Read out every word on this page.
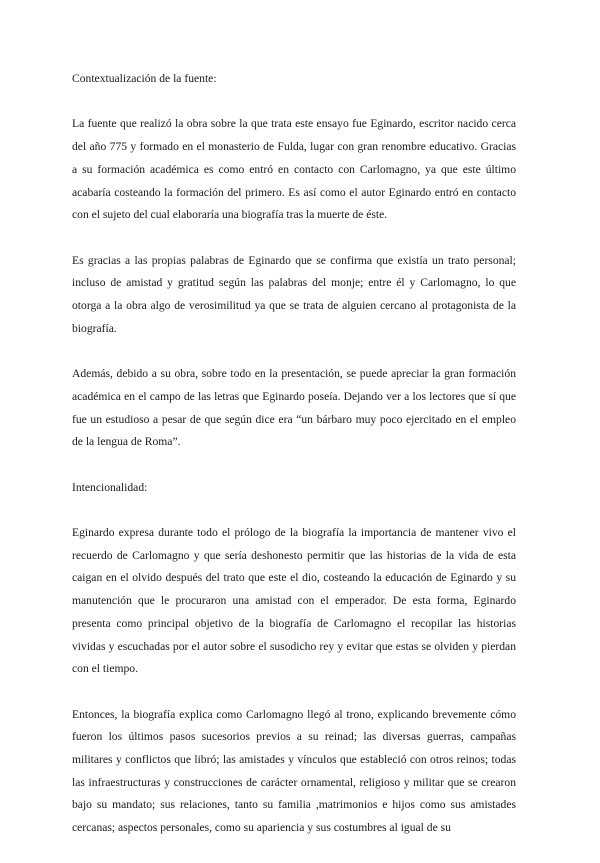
Contextualización de la fuente:

La fuente que realizó la obra sobre la que trata este ensayo fue Eginardo, escritor nacido cerca del año 775 y formado en el monasterio de Fulda, lugar con gran renombre educativo. Gracias a su formación académica es como entró en contacto con Carlomagno, ya que este último acabaría costeando la formación del primero. Es así como el autor Eginardo entró en contacto con el sujeto del cual elaboraría una biografía tras la muerte de éste.

Es gracias a las propias palabras de Eginardo que se confirma que existía un trato personal; incluso de amistad y gratitud según las palabras del monje; entre él y Carlomagno, lo que otorga a la obra algo de verosimilitud ya que se trata de alguien cercano al protagonista de la biografía.

Además, debido a su obra, sobre todo en la presentación, se puede apreciar la gran formación académica en el campo de las letras que Eginardo poseía. Dejando ver a los lectores que sí que fue un estudioso a pesar de que según dice era “un bárbaro muy poco ejercitado en el empleo de la lengua de Roma”.

Intencionalidad:

Eginardo expresa durante todo el prólogo de la biografía la importancia de mantener vivo el recuerdo de Carlomagno y que sería deshonesto permitir que las historias de la vida de esta caigan en el olvido después del trato que este el dio, costeando la educación de Eginardo y su manutención que le procuraron una amistad con el emperador. De esta forma, Eginardo presenta como principal objetivo de la biografía de Carlomagno el recopilar las historias vividas y escuchadas por el autor sobre el susodicho rey y evitar que estas se olviden y pierdan con el tiempo.

Entonces, la biografía explica como Carlomagno llegó al trono, explicando brevemente cómo fueron los últimos pasos sucesorios previos a su reinad; las diversas guerras, campañas militares y conflictos que libró; las amistades y vínculos que estableció con otros reinos; todas las infraestructuras y construcciones de carácter ornamental, religioso y militar que se crearon bajo su mandato; sus relaciones, tanto su familia ,matrimonios e hijos como sus amistades cercanas; aspectos personales, como su apariencia y sus costumbres al igual de su
